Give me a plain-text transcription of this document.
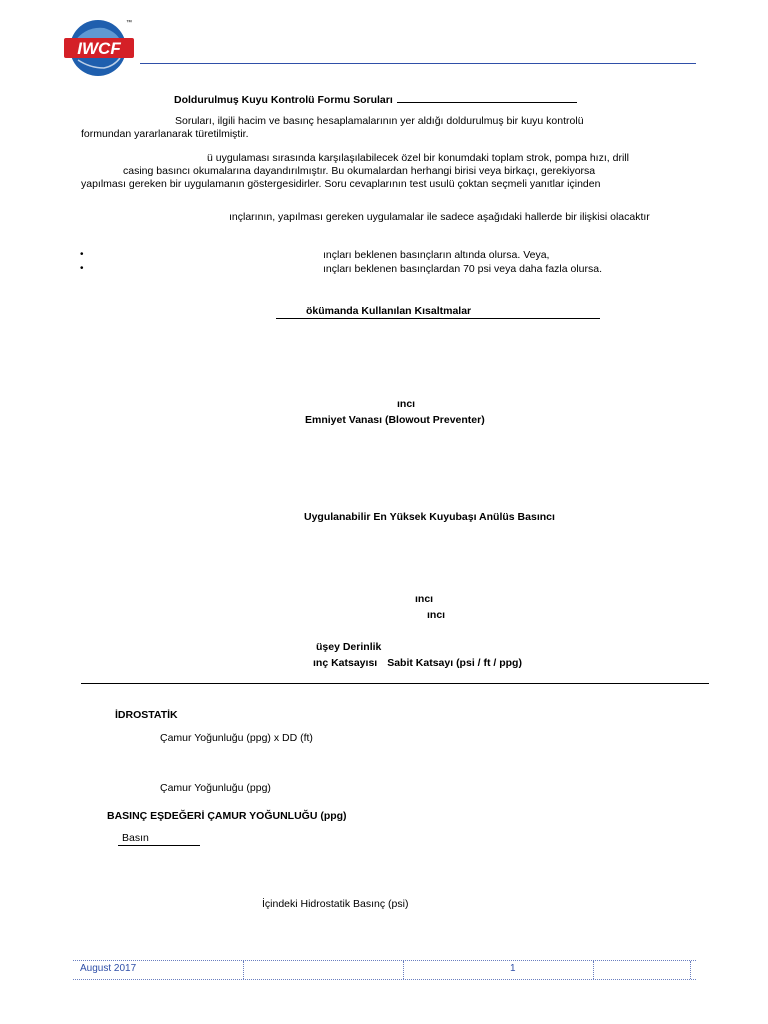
IWCF
™
Doldurulmuş Kuyu Kontrolü Formu Soruları
Soruları, ilgili hacim ve basınç hesaplamalarının yer aldığı doldurulmuş bir kuyu kontrolü
formundan yararlanarak türetilmiştir.
ü uygulaması sırasında karşılaşılabilecek özel bir konumdaki toplam strok, pompa hızı, drill
casing basıncı okumalarına dayandırılmıştır. Bu okumalardan herhangi birisi veya birkaçı, gerekiyorsa
yapılması gereken bir uygulamanın göstergesidirler. Soru cevaplarının test usulü çoktan seçmeli yanıtlar içinden
ınçlarının, yapılması gereken uygulamalar ile sadece aşağıdaki hallerde bir ilişkisi olacaktır
•	ınçları beklenen basınçların altında olursa. Veya,
•	ınçları beklenen basınçlardan 70 psi veya daha fazla olursa.
ökümanda Kullanılan Kısaltmalar
ıncı
Emniyet Vanası (Blowout Preventer)
Uygulanabilir En Yüksek Kuyubaşı Anülüs Basıncı
ıncı
ıncı
üşey Derinlik
ınç Katsayısı Sabit Katsayı (psi / ft / ppg)
İDROSTATİK
Çamur Yoğunluğu (ppg) x DD (ft)
Çamur Yoğunluğu (ppg)
BASINÇ EŞDEĞERİ ÇAMUR YOĞUNLUĞU (ppg)
Basın
İçindeki Hidrostatik Basınç (psi)
August 2017	1
